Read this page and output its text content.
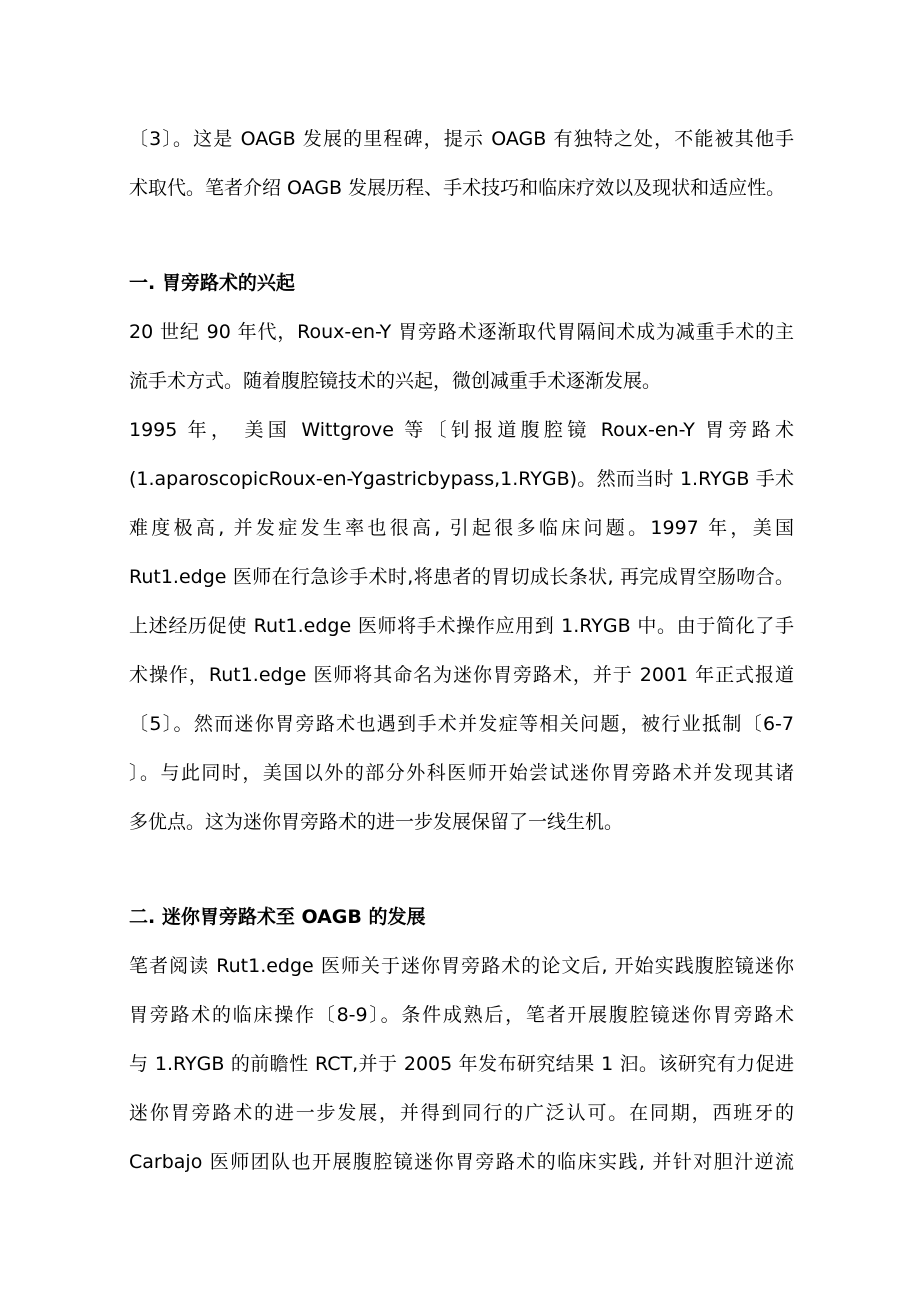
〔3〕。这是 OAGB 发展的里程碑，提示 OAGB 有独特之处，不能被其他手
术取代。笔者介绍 OAGB 发展历程、手术技巧和临床疗效以及现状和适应性。
一. 胃旁路术的兴起
20 世纪 90 年代，Roux-en-Y 胃旁路术逐渐取代胃隔间术成为减重手术的主
流手术方式。随着腹腔镜技术的兴起，微创减重手术逐渐发展。
1995 年， 美国 Wittgrove 等〔钊报道腹腔镜 Roux-en-Y 胃旁路术
(1.aparoscopicRoux-en-Ygastricbypass,1.RYGB)。然而当时 1.RYGB 手术
难度极高, 并发症发生率也很高, 引起很多临床问题。1997 年，美国
Rut1.edge 医师在行急诊手术时,将患者的胃切成长条状, 再完成胃空肠吻合。
上述经历促使 Rut1.edge 医师将手术操作应用到 1.RYGB 中。由于简化了手
术操作，Rut1.edge 医师将其命名为迷你胃旁路术，并于 2001 年正式报道
〔5〕。然而迷你胃旁路术也遇到手术并发症等相关问题，被行业抵制〔6-7
〕。与此同时，美国以外的部分外科医师开始尝试迷你胃旁路术并发现其诸
多优点。这为迷你胃旁路术的进一步发展保留了一线生机。
二. 迷你胃旁路术至 OAGB 的发展
笔者阅读 Rut1.edge 医师关于迷你胃旁路术的论文后, 开始实践腹腔镜迷你
胃旁路术的临床操作〔8-9〕。条件成熟后，笔者开展腹腔镜迷你胃旁路术
与 1.RYGB 的前瞻性 RCT,并于 2005 年发布研究结果 1 汩。该研究有力促进
迷你胃旁路术的进一步发展，并得到同行的广泛认可。在同期，西班牙的
Carbajo 医师团队也开展腹腔镜迷你胃旁路术的临床实践, 并针对胆汁逆流
